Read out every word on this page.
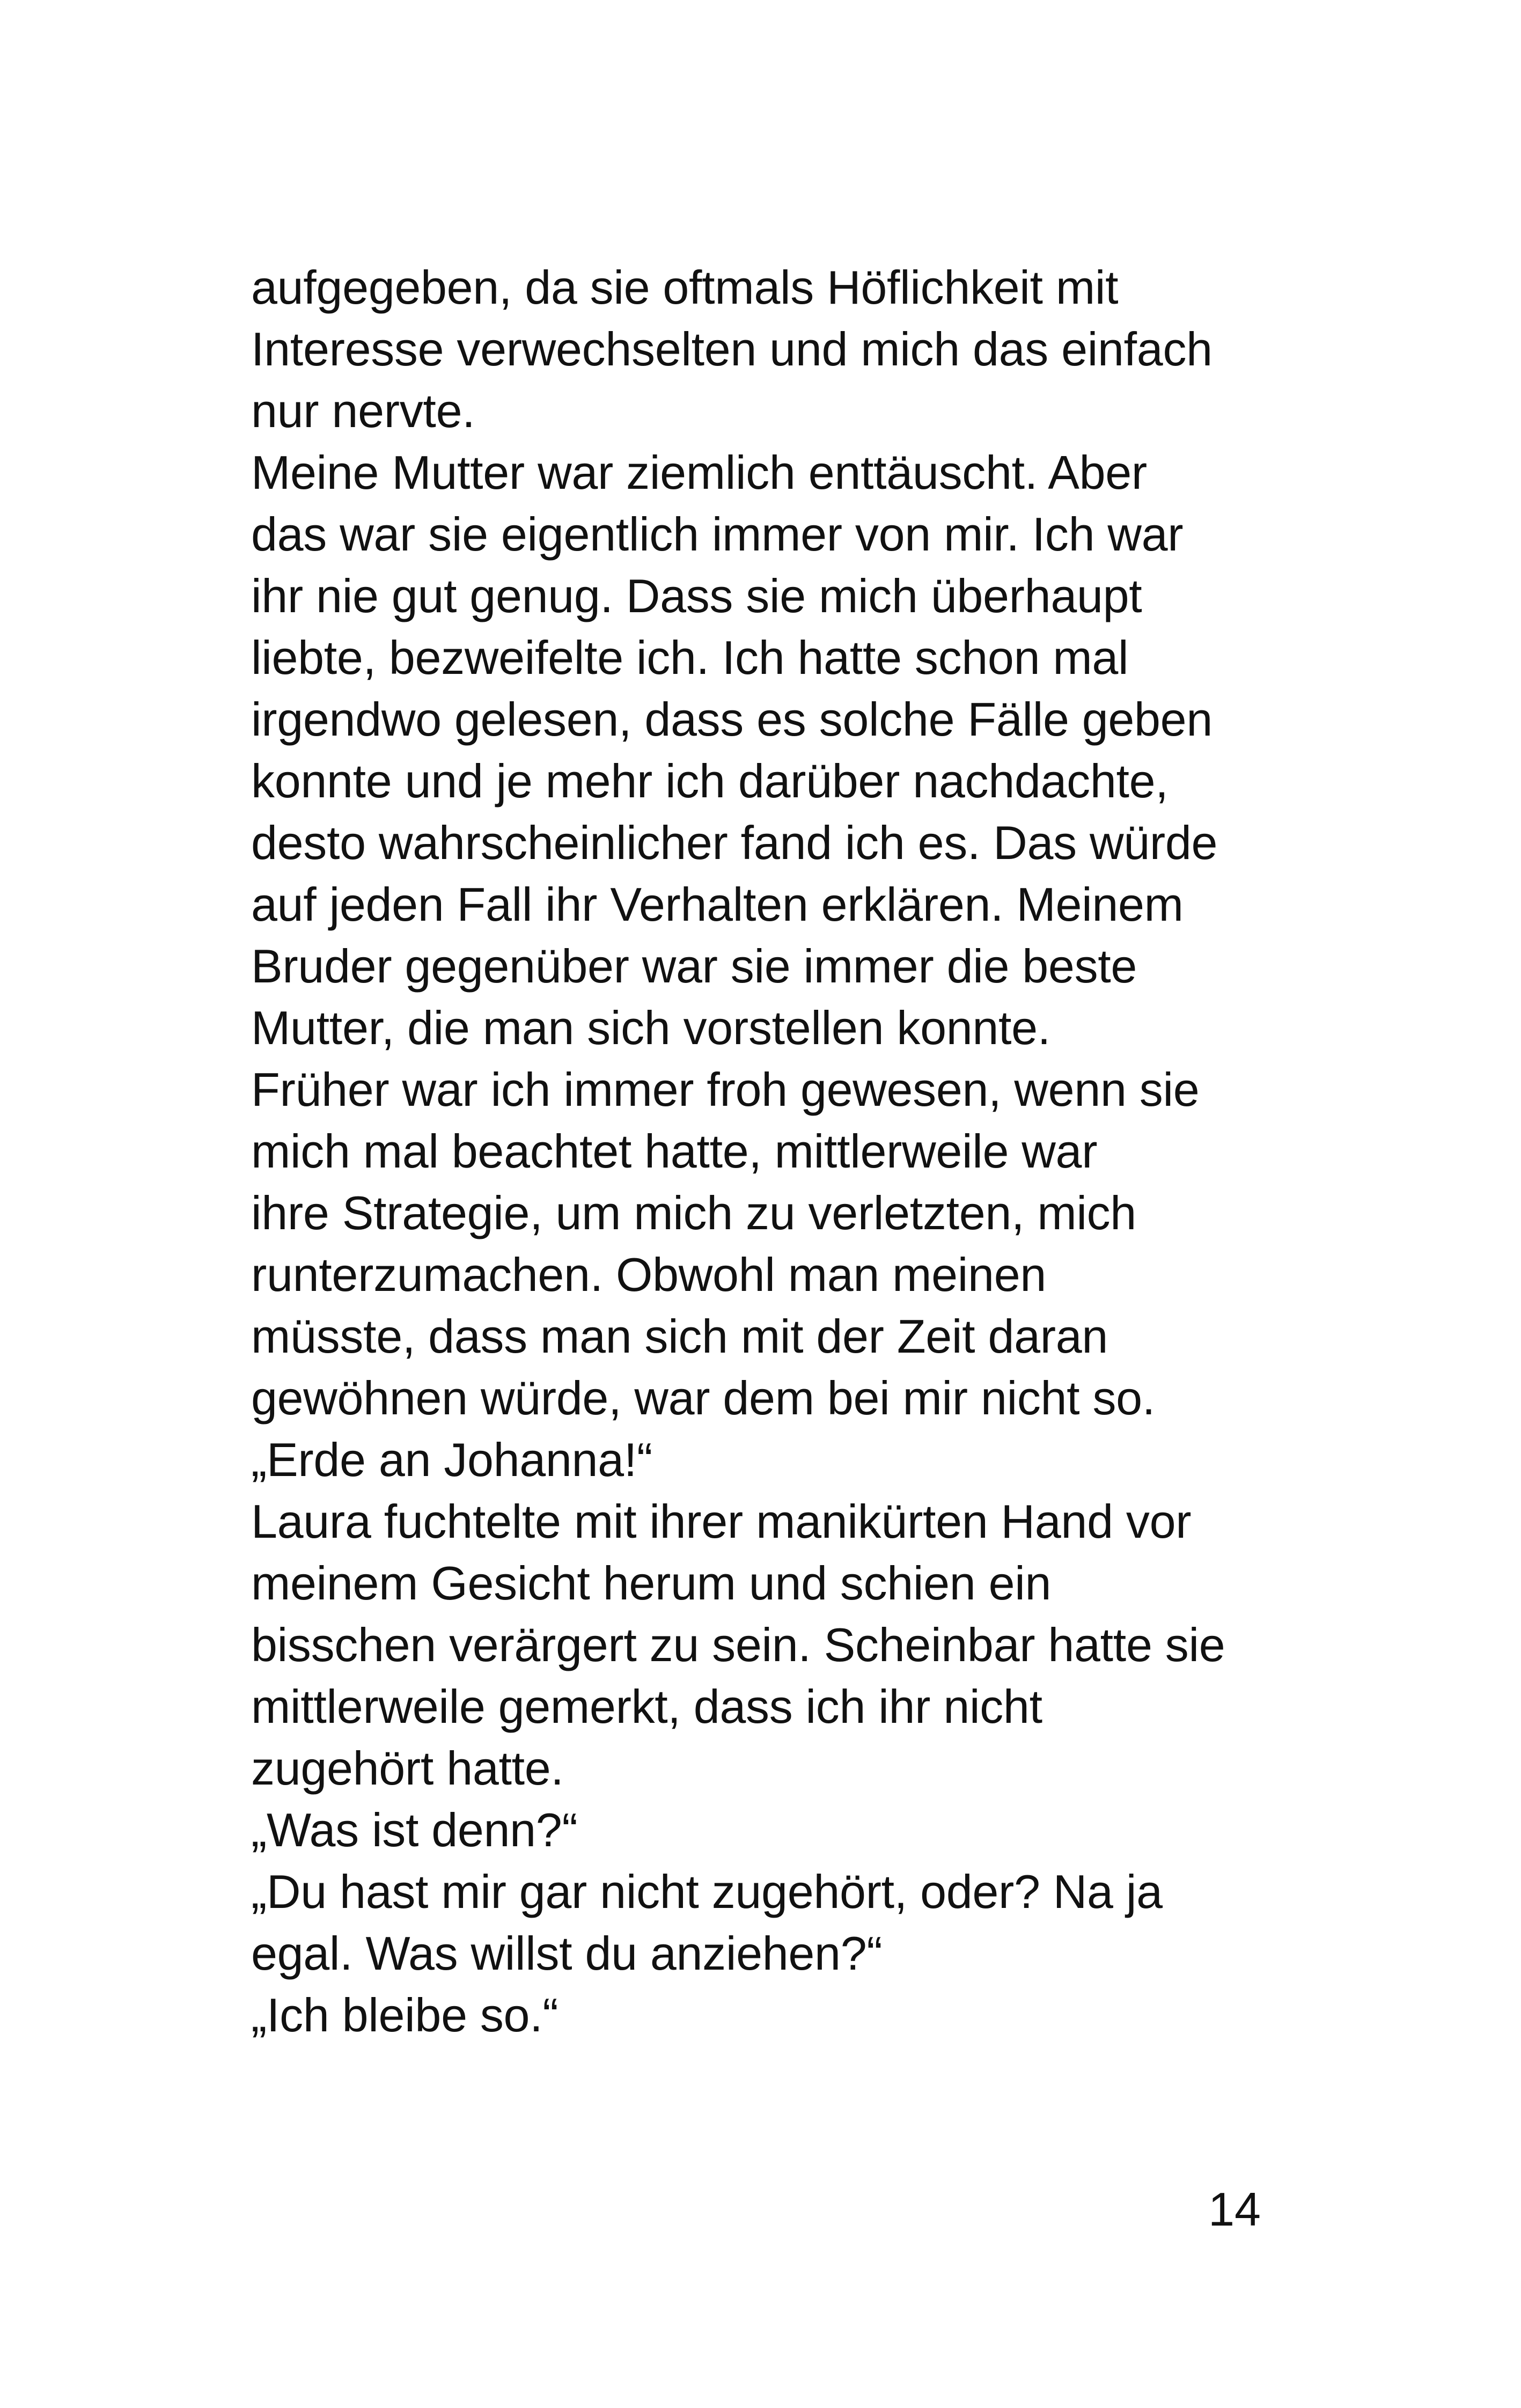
aufgegeben, da sie oftmals Höflichkeit mit
Interesse verwechselten und mich das einfach
nur nervte.
Meine Mutter war ziemlich enttäuscht. Aber
das war sie eigentlich immer von mir. Ich war
ihr nie gut genug. Dass sie mich überhaupt
liebte, bezweifelte ich. Ich hatte schon mal
irgendwo gelesen, dass es solche Fälle geben
konnte und je mehr ich darüber nachdachte,
desto wahrscheinlicher fand ich es. Das würde
auf jeden Fall ihr Verhalten erklären. Meinem
Bruder gegenüber war sie immer die beste
Mutter, die man sich vorstellen konnte.
Früher war ich immer froh gewesen, wenn sie
mich mal beachtet hatte, mittlerweile war
ihre Strategie, um mich zu verletzten, mich
runterzumachen. Obwohl man meinen
müsste, dass man sich mit der Zeit daran
gewöhnen würde, war dem bei mir nicht so.
„Erde an Johanna!“
Laura fuchtelte mit ihrer manikürten Hand vor
meinem Gesicht herum und schien ein
bisschen verärgert zu sein. Scheinbar hatte sie
mittlerweile gemerkt, dass ich ihr nicht
zugehört hatte.
„Was ist denn?“
„Du hast mir gar nicht zugehört, oder? Na ja
egal. Was willst du anziehen?“
„Ich bleibe so.“
14
